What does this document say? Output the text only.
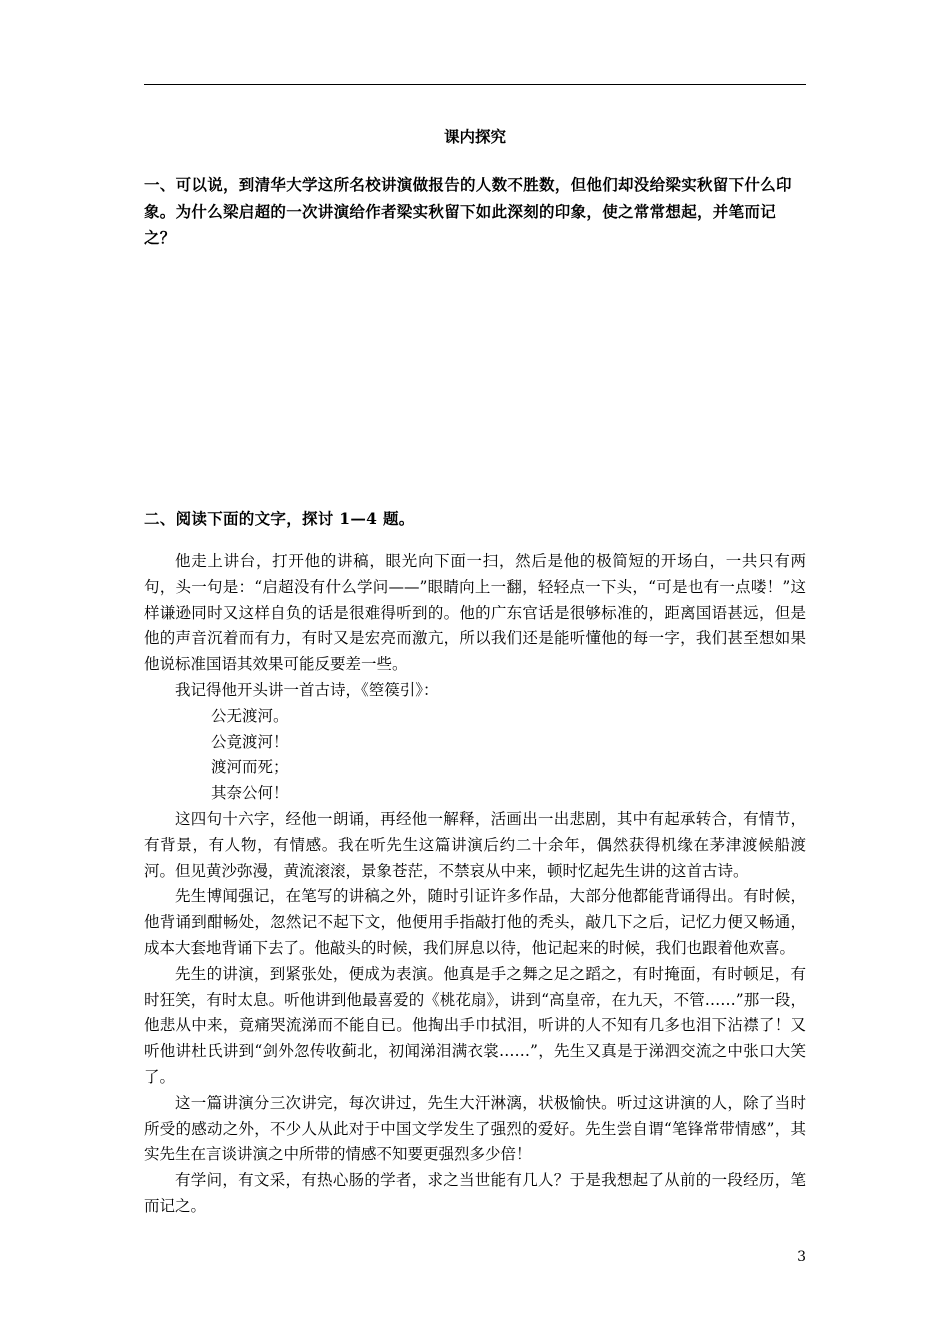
课内探究
一、可以说，到清华大学这所名校讲演做报告的人数不胜数，但他们却没给梁实秋留下什么印象。为什么梁启超的一次讲演给作者梁实秋留下如此深刻的印象，使之常常想起，并笔而记之？
二、阅读下面的文字，探讨 1—4 题。

他走上讲台，打开他的讲稿，眼光向下面一扫，然后是他的极简短的开场白，一共只有两句，头一句是：“启超没有什么学问——”眼睛向上一翻，轻轻点一下头，“可是也有一点喽！”这样谦逊同时又这样自负的话是很难得听到的。他的广东官话是很够标准的，距离国语甚远，但是他的声音沉着而有力，有时又是宏亮而激亢，所以我们还是能听懂他的每一字，我们甚至想如果他说标准国语其效果可能反要差一些。

我记得他开头讲一首古诗，《箜篌引》：

公无渡河。

公竟渡河！

渡河而死；

其奈公何！

这四句十六字，经他一朗诵，再经他一解释，活画出一出悲剧，其中有起承转合，有情节，有背景，有人物，有情感。我在听先生这篇讲演后约二十余年，偶然获得机缘在茅津渡候船渡河。但见黄沙弥漫，黄流滚滚，景象苍茫，不禁哀从中来，顿时忆起先生讲的这首古诗。

先生博闻强记，在笔写的讲稿之外，随时引证许多作品，大部分他都能背诵得出。有时候，他背诵到酣畅处，忽然记不起下文，他便用手指敲打他的秃头，敲几下之后，记忆力便又畅通，成本大套地背诵下去了。他敲头的时候，我们屏息以待，他记起来的时候，我们也跟着他欢喜。

先生的讲演，到紧张处，便成为表演。他真是手之舞之足之蹈之，有时掩面，有时顿足，有时狂笑，有时太息。听他讲到他最喜爱的《桃花扇》，讲到“高皇帝，在九天，不管……”那一段，他悲从中来，竟痛哭流涕而不能自已。他掏出手巾拭泪，听讲的人不知有几多也泪下沾襟了！又听他讲杜氏讲到“剑外忽传收蓟北，初闻涕泪满衣裳……”，先生又真是于涕泗交流之中张口大笑了。

这一篇讲演分三次讲完，每次讲过，先生大汗淋漓，状极愉快。听过这讲演的人，除了当时所受的感动之外，不少人从此对于中国文学发生了强烈的爱好。先生尝自谓“笔锋常带情感”，其实先生在言谈讲演之中所带的情感不知要更强烈多少倍！

有学问，有文采，有热心肠的学者，求之当世能有几人？于是我想起了从前的一段经历，笔而记之。

3
